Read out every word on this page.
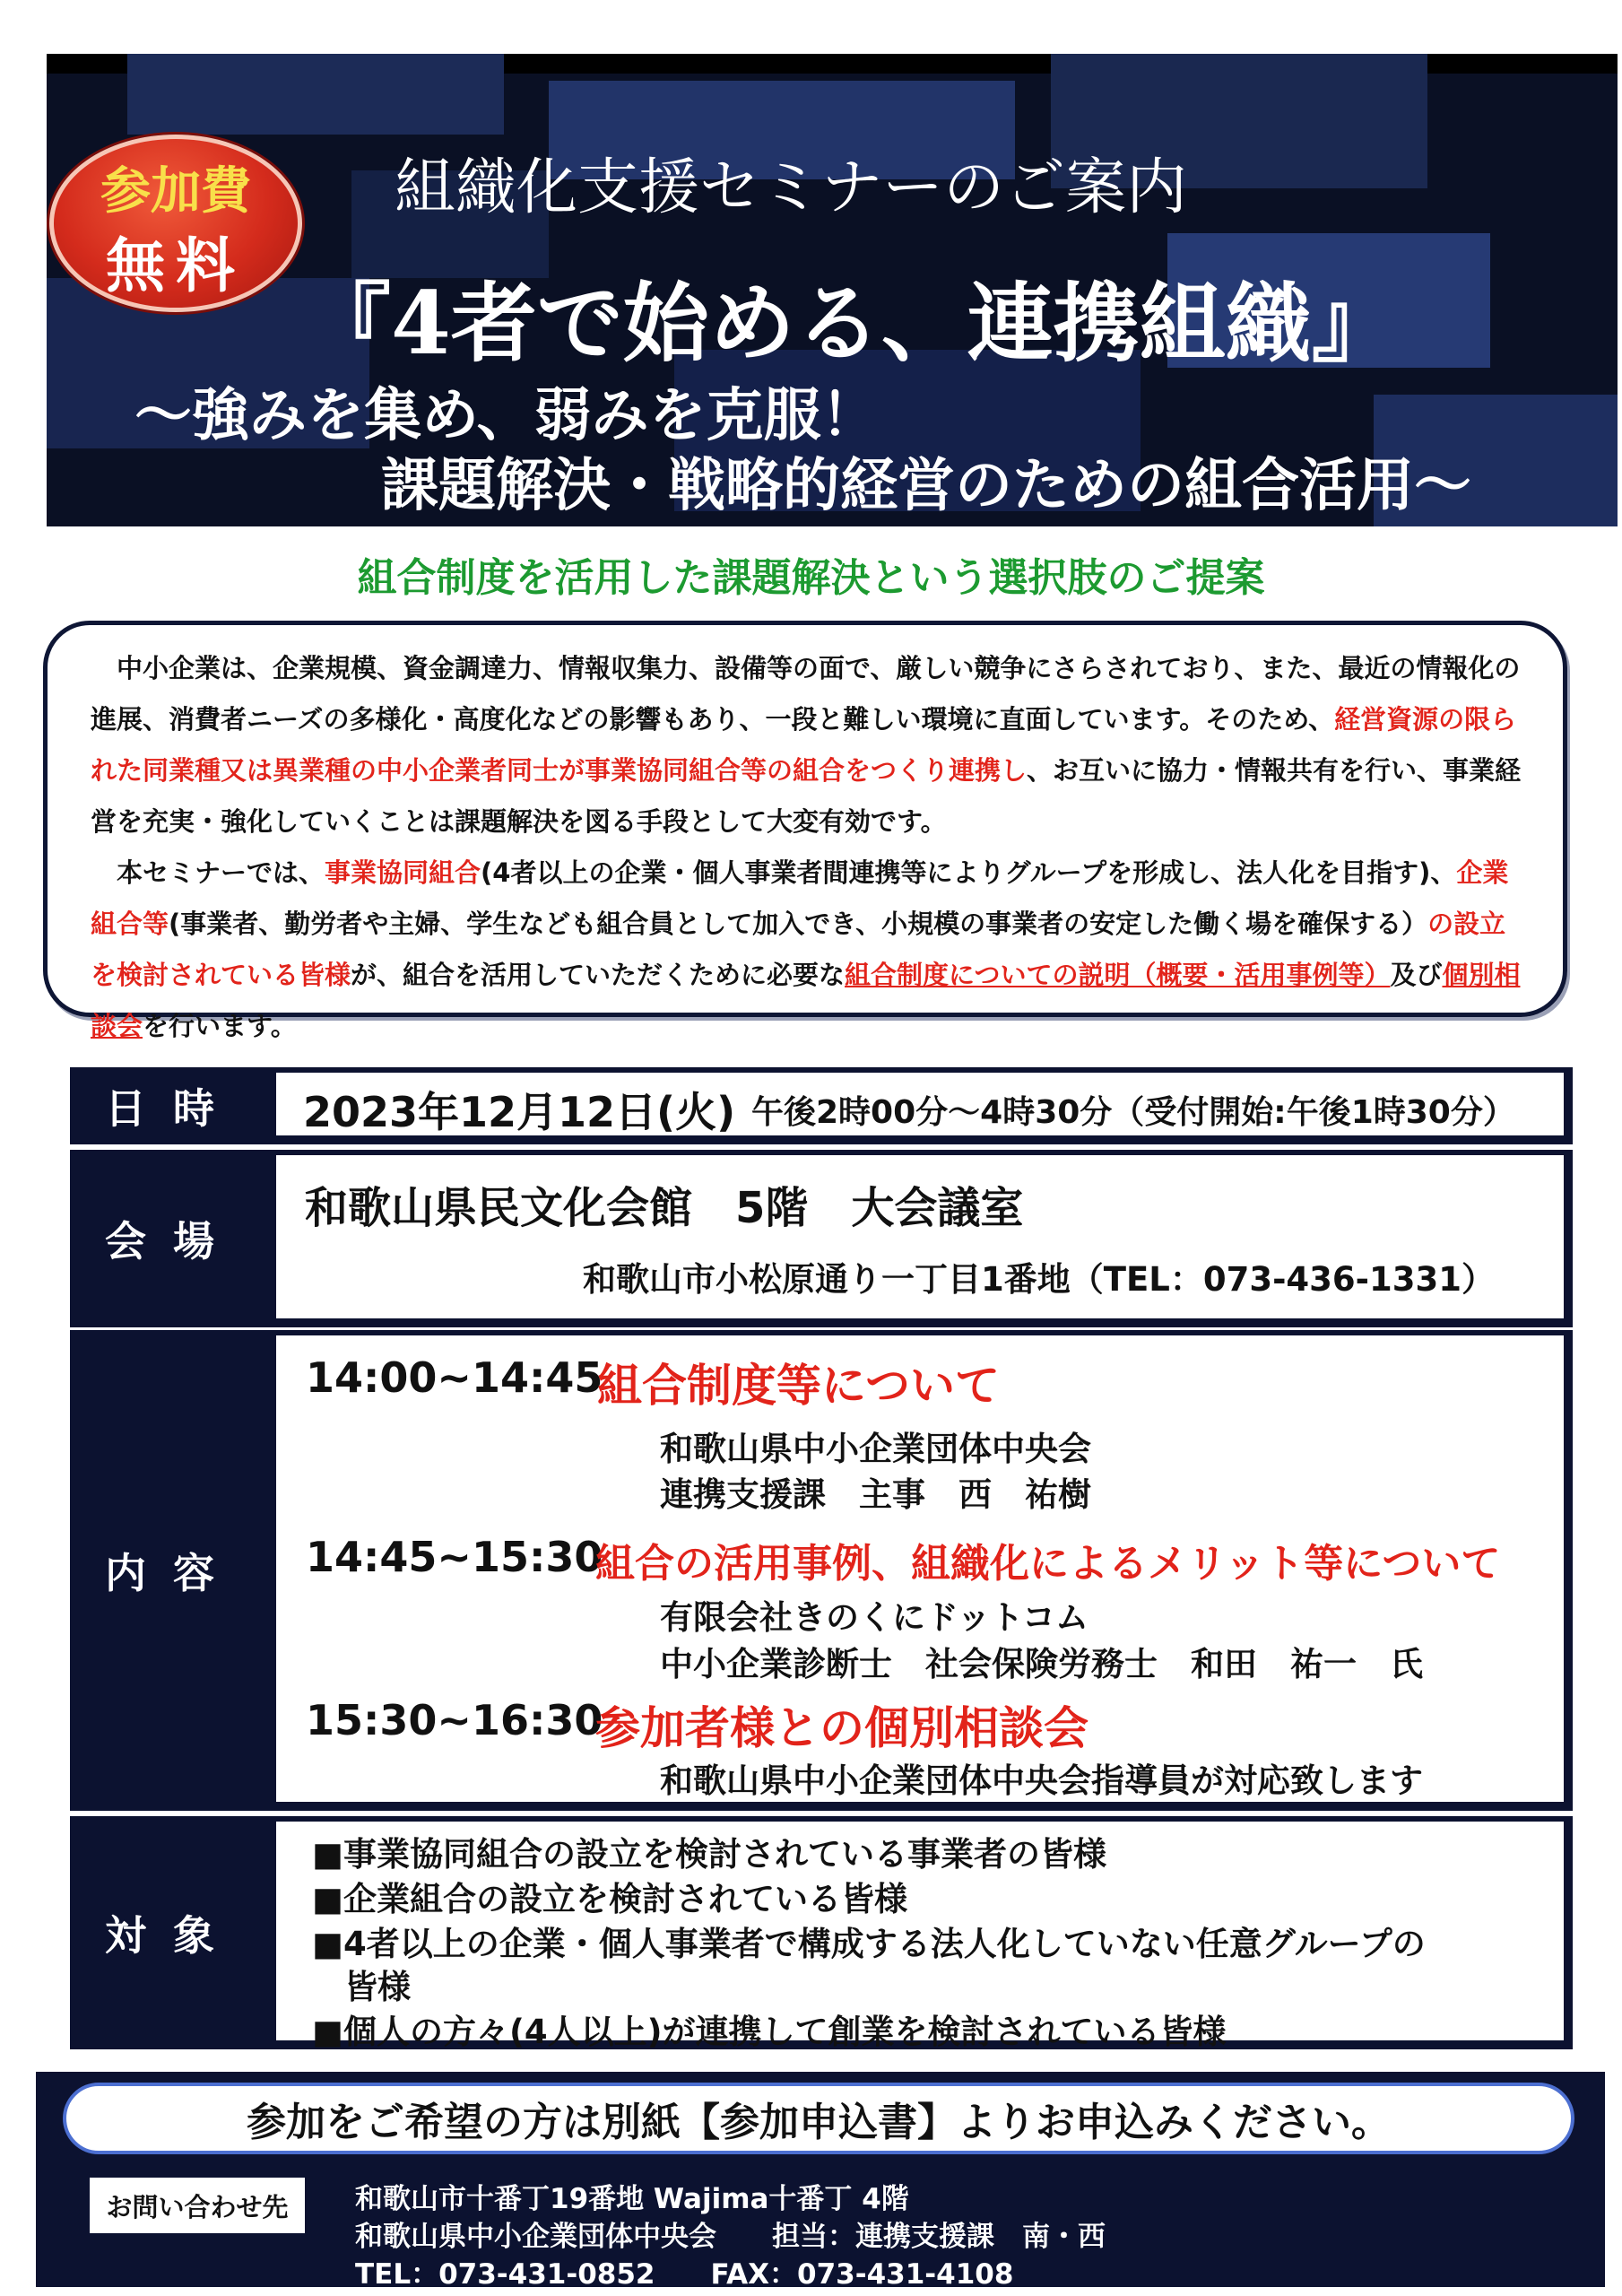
参加費
無料
組織化支援セミナーのご案内
『4者で始める、連携組織』
～強みを集め、弱みを克服！
課題解決・戦略的経営のための組合活用～
組合制度を活用した課題解決という選択肢のご提案
中小企業は、企業規模、資金調達力、情報収集力、設備等の面で、厳しい競争にさらされており、また、最近の情報化の進展、消費者ニーズの多様化・高度化などの影響もあり、一段と難しい環境に直面しています。そのため、経営資源の限られた同業種又は異業種の中小企業者同士が事業協同組合等の組合をつくり連携し、お互いに協力・情報共有を行い、事業経営を充実・強化していくことは課題解決を図る手段として大変有効です。
本セミナーでは、事業協同組合(4者以上の企業・個人事業者間連携等によりグループを形成し、法人化を目指す)、企業組合等(事業者、勤労者や主婦、学生なども組合員として加入でき、小規模の事業者の安定した働く場を確保する）の設立を検討されている皆様が、組合を活用していただくために必要な組合制度についての説明（概要・活用事例等）及び個別相談会を行います。
日時	2023年12月12日(火) 午後2時00分～4時30分（受付開始:午後1時30分）
会場
和歌山県民文化会館　5階　大会議室
和歌山市小松原通り一丁目1番地（TEL：073-436-1331）
内容
14:00~14:45
組合制度等について
和歌山県中小企業団体中央会
連携支援課　主事　西　祐樹
14:45~15:30
組合の活用事例、組織化によるメリット等について
有限会社きのくにドットコム
中小企業診断士　社会保険労務士　和田　祐一　氏
15:30~16:30
参加者様との個別相談会
和歌山県中小企業団体中央会指導員が対応致します
対象
■事業協同組合の設立を検討されている事業者の皆様
■企業組合の設立を検討されている皆様
■4者以上の企業・個人事業者で構成する法人化していない任意グループの
皆様
■個人の方々(4人以上)が連携して創業を検討されている皆様
参加をご希望の方は別紙【参加申込書】よりお申込みください。
お問い合わせ先	和歌山市十番丁19番地 Wajima十番丁 4階
和歌山県中小企業団体中央会　　担当：連携支援課　南・西
TEL：073-431-0852　　FAX：073-431-4108
